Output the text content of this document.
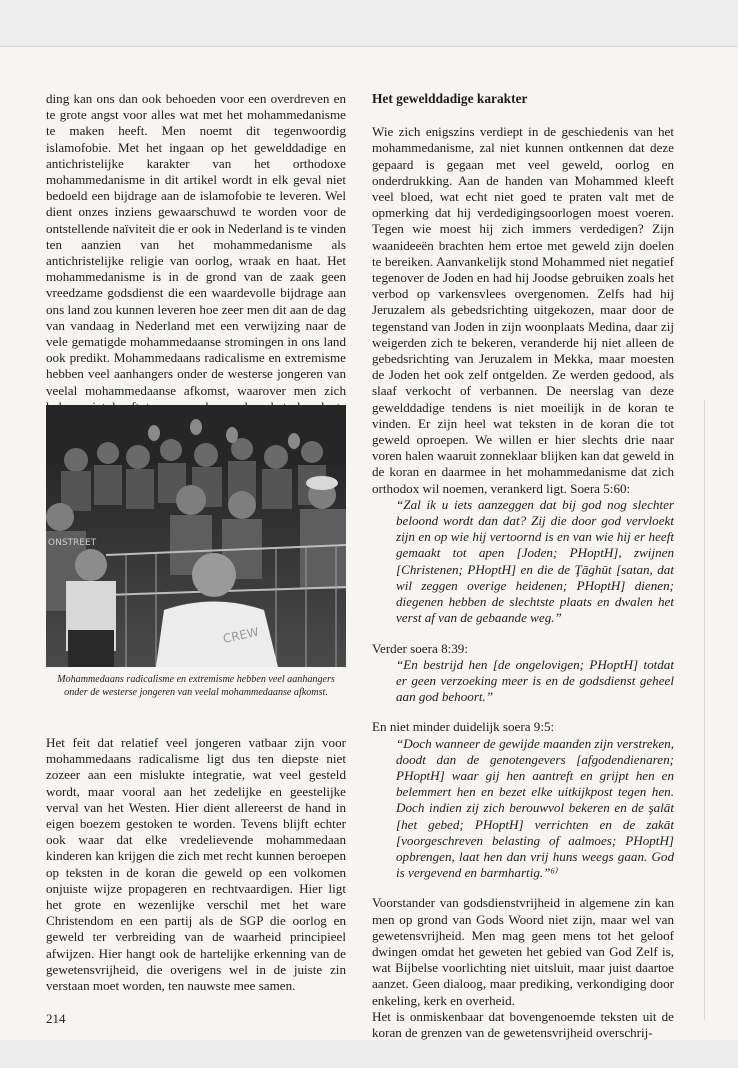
ding kan ons dan ook behoeden voor een overdreven en te grote angst voor alles wat met het mohammedanisme te maken heeft. Men noemt dit tegenwoordig islamofobie. Met het ingaan op het gewelddadige en antichristelijke karakter van het orthodoxe mohammedanisme in dit artikel wordt in elk geval niet bedoeld een bijdrage aan de islamofobie te leveren. Wel dient onzes inziens gewaarschuwd te worden voor de ontstellende naïviteit die er ook in Nederland is te vinden ten aanzien van het mohammedanisme als antichristelijke religie van oorlog, wraak en haat. Het mohammedanisme is in de grond van de zaak geen vreedzame godsdienst die een waardevolle bijdrage aan ons land zou kunnen leveren hoe zeer men dit aan de dag van vandaag in Nederland met een verwijzing naar de vele gematigde mohammedaanse stromingen in ons land ook predikt. Mohammedaans radicalisme en extremisme hebben veel aanhangers onder de westerse jongeren van veelal mohammedaanse afkomst, waarover men zich

ONSTREET
CREW

Mohammedaans radicalisme en extremisme hebben veel aanhangers onder de westerse jongeren van veelal mohammedaanse afkomst.

Het feit dat relatief veel jongeren vatbaar zijn voor mohammedaans radicalisme ligt dus ten diepste niet zozeer aan een mislukte integratie, wat veel gesteld wordt, maar vooral aan het zedelijke en geestelijke verval van het Westen. Hier dient allereerst de hand in eigen boezem gestoken te worden. Tevens blijft echter ook waar dat elke vredelievende mohammedaan kinderen kan krijgen die zich met recht kunnen beroepen op teksten in de koran die geweld op een volkomen onjuiste wijze propageren en rechtvaardigen. Hier ligt het grote en wezenlijke verschil met het ware Christendom en een partij als de SGP die oorlog en geweld ter verbreiding van de waarheid principieel afwijzen. Hier hangt ook de hartelijke erkenning van de gewetensvrijheid, die overigens wel in de juiste zin verstaan moet worden, ten nauwste mee samen.

Het gewelddadige karakter

Wie zich enigszins verdiept in de geschiedenis van het mohammedanisme, zal niet kunnen ontkennen dat deze gepaard is gegaan met veel geweld, oorlog en onderdrukking. Aan de handen van Mohammed kleeft veel bloed, wat echt niet goed te praten valt met de opmerking dat hij verdedigingsoorlogen moest voeren. Tegen wie moest hij zich immers verdedigen? Zijn waanideeën brachten hem ertoe met geweld zijn doelen te bereiken. Aanvankelijk stond Mohammed niet negatief tegenover de Joden en had hij Joodse gebruiken zoals het verbod op varkensvlees overgenomen. Zelfs had hij Jeruzalem als gebedsrichting uitgekozen, maar door de tegenstand van Joden in zijn woonplaats Medina, daar zij weigerden zich te bekeren, veranderde hij niet alleen de gebedsrichting van Jeruzalem in Mekka, maar moesten de Joden het ook zelf ontgelden. Ze werden gedood, als slaaf verkocht of verbannen. De neerslag van deze gewelddadige tendens is niet moeilijk in de koran te vinden. Er zijn heel wat teksten in de koran die tot geweld oproepen. We willen er hier slechts drie naar voren halen waaruit zonneklaar blijken kan dat geweld in de koran en daarmee in het mohammedanisme dat zich orthodox wil noemen, verankerd ligt. Soera 5:60:

“Zal ik u iets aanzeggen dat bij god nog slechter beloond wordt dan dat? Zij die door god vervloekt zijn en op wie hij vertoornd is en van wie hij er heeft gemaakt tot apen [Joden; PHoptH], zwijnen [Christenen; PHoptH] en die de Ţāghūt [satan, dat wil zeggen overige heidenen; PHoptH] dienen; diegenen hebben de slechtste plaats en dwalen het verst af van de gebaande weg.”

Verder soera 8:39:

“En bestrijd hen [de ongelovigen; PHoptH] totdat er geen verzoeking meer is en de godsdienst geheel aan god behoort.”

En niet minder duidelijk soera 9:5:

“Doch wanneer de gewijde maanden zijn verstreken, doodt dan de genotengevers [afgodendienaren; PHoptH] waar gij hen aantreft en grijpt hen en belemmert hen en bezet elke uitkijkpost tegen hen. Doch indien zij zich berouwvol bekeren en de şalāt [het gebed; PHoptH] verrichten en de zakāt [voorgeschreven belasting of aalmoes; PHoptH] opbrengen, laat hen dan vrij huns weegs gaan. God is vergevend en barmhartig.”⁶⁾

Voorstander van godsdienstvrijheid in algemene zin kan men op grond van Gods Woord niet zijn, maar wel van gewetensvrijheid. Men mag geen mens tot het geloof dwingen omdat het geweten het gebied van God Zelf is, wat Bijbelse voorlichting niet uitsluit, maar juist daartoe aanzet. Geen dialoog, maar prediking, verkondiging door enkeling, kerk en overheid.

Het is onmiskenbaar dat bovengenoemde teksten uit de koran de grenzen van de gewetensvrijheid overschrij-

214
